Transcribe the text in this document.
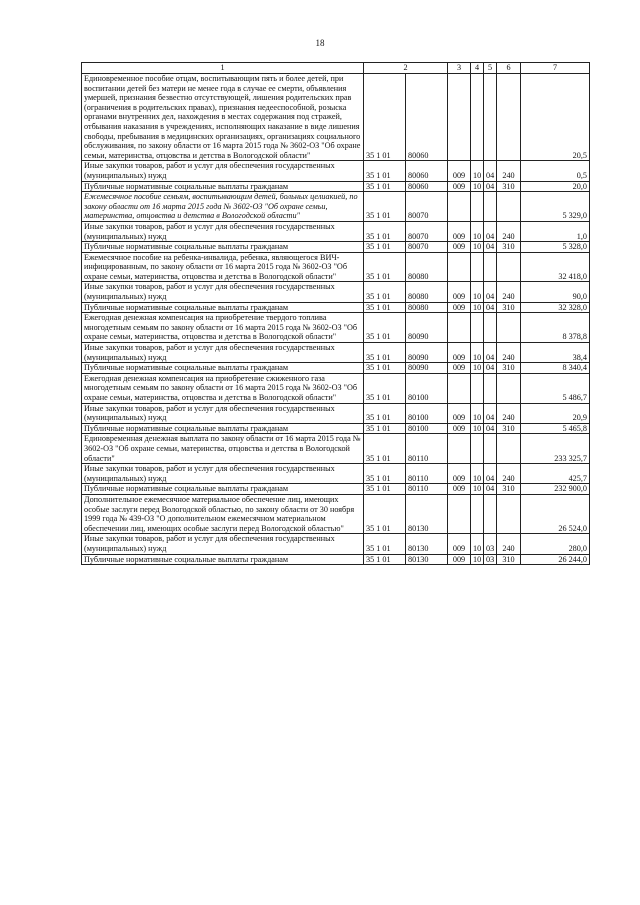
18
1	2		3	4	5	6	7
Единовременное пособие отцам, воспитывающим пять и более детей, при воспитании детей без матери не менее года в случае ее смерти, объявления умершей, признания безвестно отсутствующей, лишения родительских прав (ограничения в родительских правах), признания недееспособной, розыска органами внутренних дел, нахождения в местах содержания под стражей, отбывания наказания в учреждениях, исполняющих наказание в виде лишения свободы, пребывания в медицинских организациях, организациях социального обслуживания, по закону области от 16 марта 2015 года № 3602-ОЗ "Об охране семьи, материнства, отцовства и детства в Вологодской области"	35 1 01	80060					20,5
Иные закупки товаров, работ и услуг для обеспечения государственных (муниципальных) нужд	35 1 01	80060	009	10	04	240	0,5
Публичные нормативные социальные выплаты гражданам	35 1 01	80060	009	10	04	310	20,0
Ежемесячное пособие семьям, воспитывающим детей, больных целиакией, по закону области от 16 марта 2015 года № 3602-ОЗ "Об охране семьи, материнства, отцовства и детства в Вологодской области"	35 1 01	80070					5 329,0
Иные закупки товаров, работ и услуг для обеспечения государственных (муниципальных) нужд	35 1 01	80070	009	10	04	240	1,0
Публичные нормативные социальные выплаты гражданам	35 1 01	80070	009	10	04	310	5 328,0
Ежемесячное пособие на ребенка-инвалида, ребенка, являющегося ВИЧ-инфицированным, по закону области от 16 марта 2015 года № 3602-ОЗ "Об охране семьи, материнства, отцовства и детства в Вологодской области"	35 1 01	80080					32 418,0
Иные закупки товаров, работ и услуг для обеспечения государственных (муниципальных) нужд	35 1 01	80080	009	10	04	240	90,0
Публичные нормативные социальные выплаты гражданам	35 1 01	80080	009	10	04	310	32 328,0
Ежегодная денежная компенсация на приобретение твердого топлива многодетным семьям по закону области от 16 марта 2015 года № 3602-ОЗ "Об охране семьи, материнства, отцовства и детства в Вологодской области"	35 1 01	80090					8 378,8
Иные закупки товаров, работ и услуг для обеспечения государственных (муниципальных) нужд	35 1 01	80090	009	10	04	240	38,4
Публичные нормативные социальные выплаты гражданам	35 1 01	80090	009	10	04	310	8 340,4
Ежегодная денежная компенсация на приобретение сжиженного газа многодетным семьям по закону области от 16 марта 2015 года № 3602-ОЗ "Об охране семьи, материнства, отцовства и детства в Вологодской области"	35 1 01	80100					5 486,7
Иные закупки товаров, работ и услуг для обеспечения государственных (муниципальных) нужд	35 1 01	80100	009	10	04	240	20,9
Публичные нормативные социальные выплаты гражданам	35 1 01	80100	009	10	04	310	5 465,8
Единовременная денежная выплата по закону области от 16 марта 2015 года № 3602-ОЗ "Об охране семьи, материнства, отцовства и детства в Вологодской области"	35 1 01	80110					233 325,7
Иные закупки товаров, работ и услуг для обеспечения государственных (муниципальных) нужд	35 1 01	80110	009	10	04	240	425,7
Публичные нормативные социальные выплаты гражданам	35 1 01	80110	009	10	04	310	232 900,0
Дополнительное ежемесячное материальное обеспечение лиц, имеющих особые заслуги перед Вологодской областью, по закону области от 30 ноября 1999 года № 439-ОЗ "О дополнительном ежемесячном материальном обеспечении лиц, имеющих особые заслуги перед Вологодской областью"	35 1 01	80130					26 524,0
Иные закупки товаров, работ и услуг для обеспечения государственных (муниципальных) нужд	35 1 01	80130	009	10	03	240	280,0
Публичные нормативные социальные выплаты гражданам	35 1 01	80130	009	10	03	310	26 244,0
